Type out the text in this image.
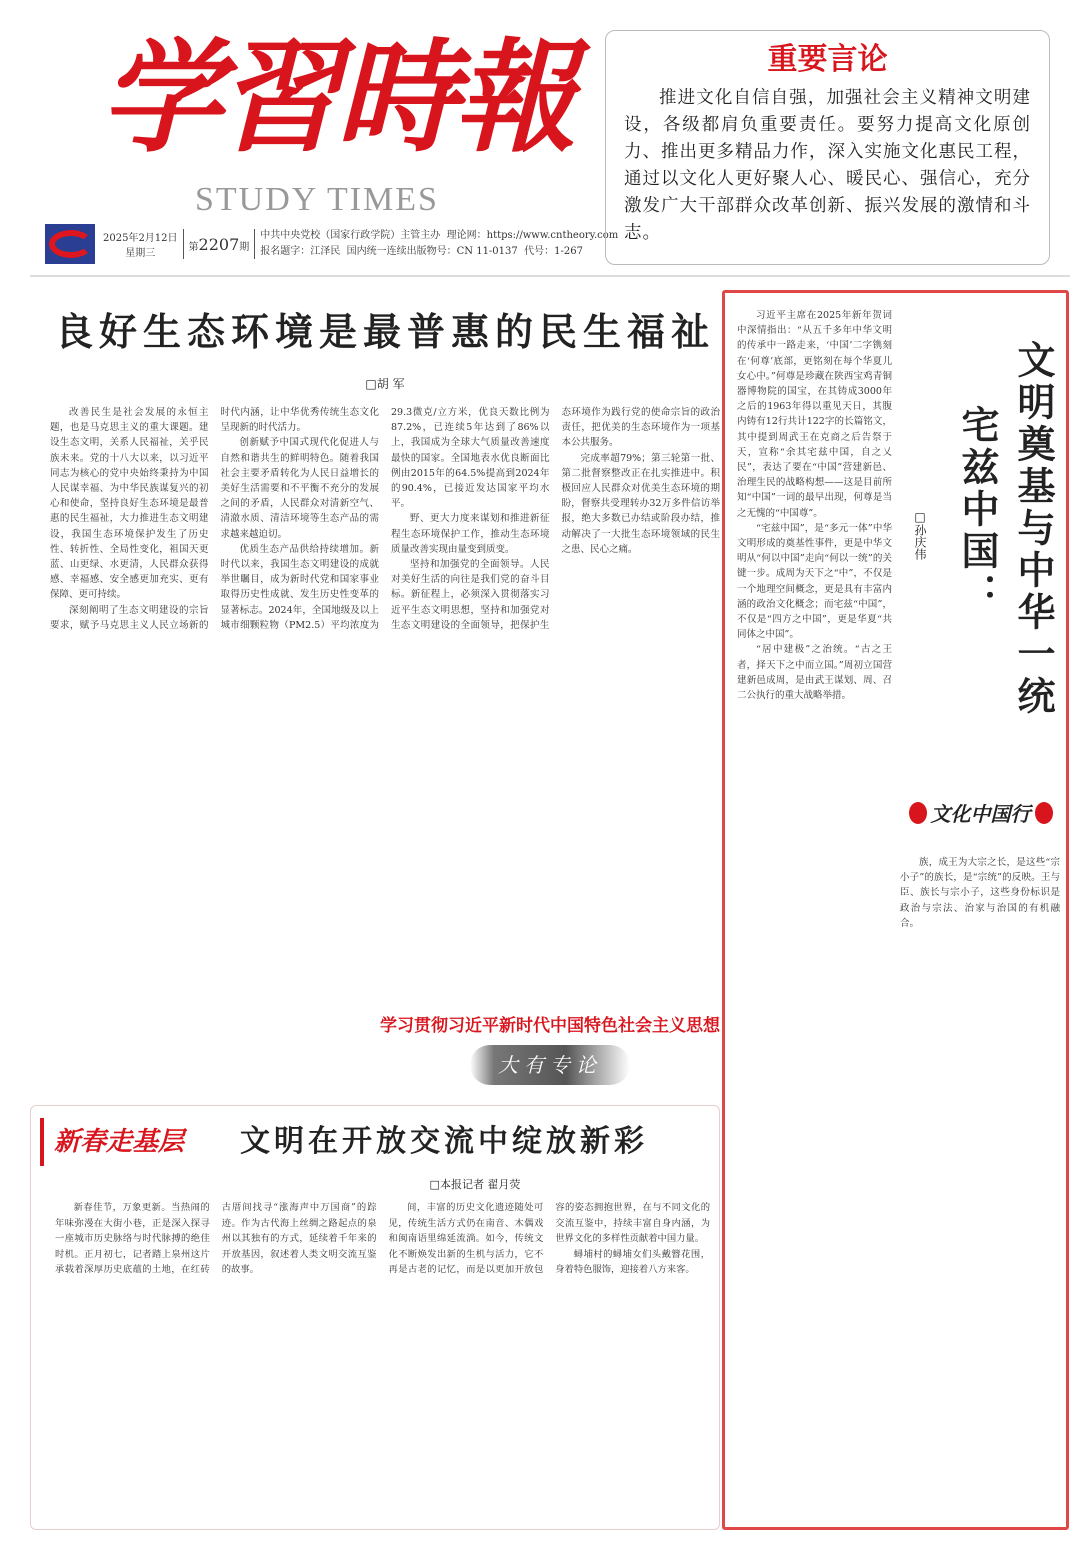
学習時報
STUDY TIMES
2025年2月12日
星期三
第2207期
中共中央党校（国家行政学院）主管主办 理论网：https://www.cntheory.com
报名题字：江泽民 国内统一连续出版物号：CN 11-0137 代号：1-267
重要言论
推进文化自信自强，加强社会主义精神文明建设，各级都肩负重要责任。要努力提高文化原创力、推出更多精品力作，深入实施文化惠民工程，通过以文化人更好聚人心、暖民心、强信心，充分激发广大干部群众改革创新、振兴发展的激情和斗志。
良好生态环境是最普惠的民生福祉
□胡 军

改善民生是社会发展的永恒主题，也是马克思主义的重大课题。建设生态文明，关系人民福祉，关乎民族未来。党的十八大以来，以习近平同志为核心的党中央始终秉持为中国人民谋幸福、为中华民族谋复兴的初心和使命，坚持良好生态环境是最普惠的民生福祉，大力推进生态文明建设，我国生态环境保护发生了历史性、转折性、全局性变化，祖国天更蓝、山更绿、水更清，人民群众获得感、幸福感、安全感更加充实、更有保障、更可持续。

深刻阐明了生态文明建设的宗旨要求，赋予马克思主义人民立场新的时代内涵，让中华优秀传统生态文化呈现新的时代活力。

创新赋予中国式现代化促进人与自然和谐共生的鲜明特色。随着我国社会主要矛盾转化为人民日益增长的美好生活需要和不平衡不充分的发展之间的矛盾，人民群众对清新空气、清澈水质、清洁环境等生态产品的需求越来越迫切。

优质生态产品供给持续增加。新时代以来，我国生态文明建设的成就举世瞩目，成为新时代党和国家事业取得历史性成就、发生历史性变革的显著标志。2024年，全国地级及以上城市细颗粒物（PM2.5）平均浓度为29.3微克/立方米，优良天数比例为87.2%，已连续5年达到了86%以上，我国成为全球大气质量改善速度最快的国家。全国地表水优良断面比例由2015年的64.5%提高到2024年的90.4%，已接近发达国家平均水平。

野、更大力度来谋划和推进新征程生态环境保护工作，推动生态环境质量改善实现由量变到质变。

坚持和加强党的全面领导。人民对美好生活的向往是我们党的奋斗目标。新征程上，必须深入贯彻落实习近平生态文明思想，坚持和加强党对生态文明建设的全面领导，把保护生态环境作为践行党的使命宗旨的政治责任，把优美的生态环境作为一项基本公共服务。

完成率超79%；第三轮第一批、第二批督察整改正在扎实推进中。积极回应人民群众对优美生态环境的期盼，督察共受理转办32万多件信访举报，绝大多数已办结或阶段办结，推动解决了一大批生态环境领域的民生之患、民心之痛。

学习贯彻习近平新时代中国特色社会主义思想
大有专论
新春走基层	文明在开放交流中绽放新彩
□本报记者 翟月荧

新春佳节，万象更新。当热闹的年味弥漫在大街小巷，正是深入探寻一座城市历史脉络与时代脉搏的绝佳时机。正月初七，记者踏上泉州这片承载着深厚历史底蕴的土地，在红砖古厝间找寻“涨海声中万国商”的踪迹。作为古代海上丝绸之路起点的泉州以其独有的方式，延续着千年来的开放基因，叙述着人类文明交流互鉴的故事。

间，丰富的历史文化遗迹随处可见，传统生活方式仍在南音、木偶戏和闽南语里绵延流淌。如今，传统文化不断焕发出新的生机与活力，它不再是古老的记忆，而是以更加开放包容的姿态拥抱世界，在与不同文化的交流互鉴中，持续丰富自身内涵，为世界文化的多样性贡献着中国力量。

蟳埔村的蟳埔女们头戴簪花围，身着特色服饰，迎接着八方来客。

习近平主席在2025年新年贺词中深情指出：“从五千多年中华文明的传承中一路走来，‘中国’二字镌刻在‘何尊’底部，更铭刻在每个华夏儿女心中。”何尊是珍藏在陕西宝鸡青铜器博物院的国宝，在其铸成3000年之后的1963年得以重见天日，其腹内铸有12行共计122字的长篇铭文，其中提到周武王在克商之后告祭于天，宣称“余其宅兹中国，自之乂民”，表达了要在“中国”营建新邑、治理生民的战略构想——这是目前所知“中国”一词的最早出现，何尊是当之无愧的“中国尊”。

“宅兹中国”，是“多元一体”中华文明形成的奠基性事件，更是中华文明从“何以中国”走向“何以一统”的关键一步。成周为天下之“中”，不仅是一个地理空间概念，更是具有丰富内涵的政治文化概念；而宅兹“中国”，不仅是“四方之中国”，更是华夏“共同体之中国”。

“居中建极”之治统。“古之王者，择天下之中而立国。”周初立国营建新邑成周，是由武王谋划、周、召二公执行的重大战略举措。	文明奠基与中华一统
宅兹中国：
□孙庆伟
文化中国行

族，成王为大宗之长，是这些“宗小子”的族长，是“宗统”的反映。王与臣、族长与宗小子，这些身份标识是政治与宗法、治家与治国的有机融合。
